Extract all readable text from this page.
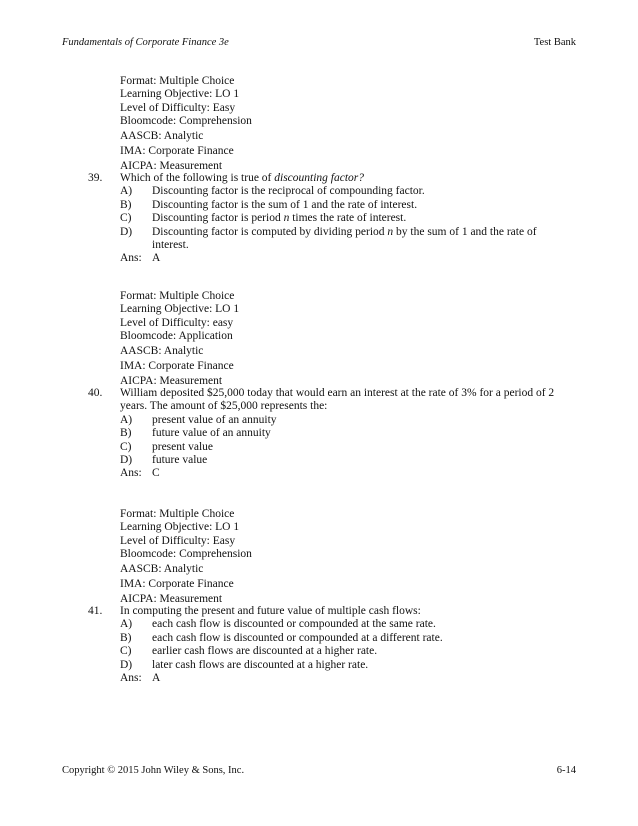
Fundamentals of Corporate Finance 3e	Test Bank
Format: Multiple Choice
Learning Objective: LO 1
Level of Difficulty: Easy
Bloomcode: Comprehension
AASCB: Analytic
IMA: Corporate Finance
AICPA: Measurement
39.	Which of the following is true of discounting factor?

A)	Discounting factor is the reciprocal of compounding factor.
B)	Discounting factor is the sum of 1 and the rate of interest.
C)	Discounting factor is period n times the rate of interest.
D)	Discounting factor is computed by dividing period n by the sum of 1 and the rate of interest.
Ans: A
Format: Multiple Choice
Learning Objective: LO 1
Level of Difficulty: easy
Bloomcode: Application
AASCB: Analytic
IMA: Corporate Finance
AICPA: Measurement
40.	William deposited $25,000 today that would earn an interest at the rate of 3% for a period of 2 years. The amount of $25,000 represents the:

A)	present value of an annuity
B)	future value of an annuity
C)	present value
D)	future value
Ans: C
Format: Multiple Choice
Learning Objective: LO 1
Level of Difficulty: Easy
Bloomcode: Comprehension
AASCB: Analytic
IMA: Corporate Finance
AICPA: Measurement
41.	In computing the present and future value of multiple cash flows:

A)	each cash flow is discounted or compounded at the same rate.
B)	each cash flow is discounted or compounded at a different rate.
C)	earlier cash flows are discounted at a higher rate.
D)	later cash flows are discounted at a higher rate.
Ans: A
Copyright © 2015 John Wiley & Sons, Inc.	6-14
